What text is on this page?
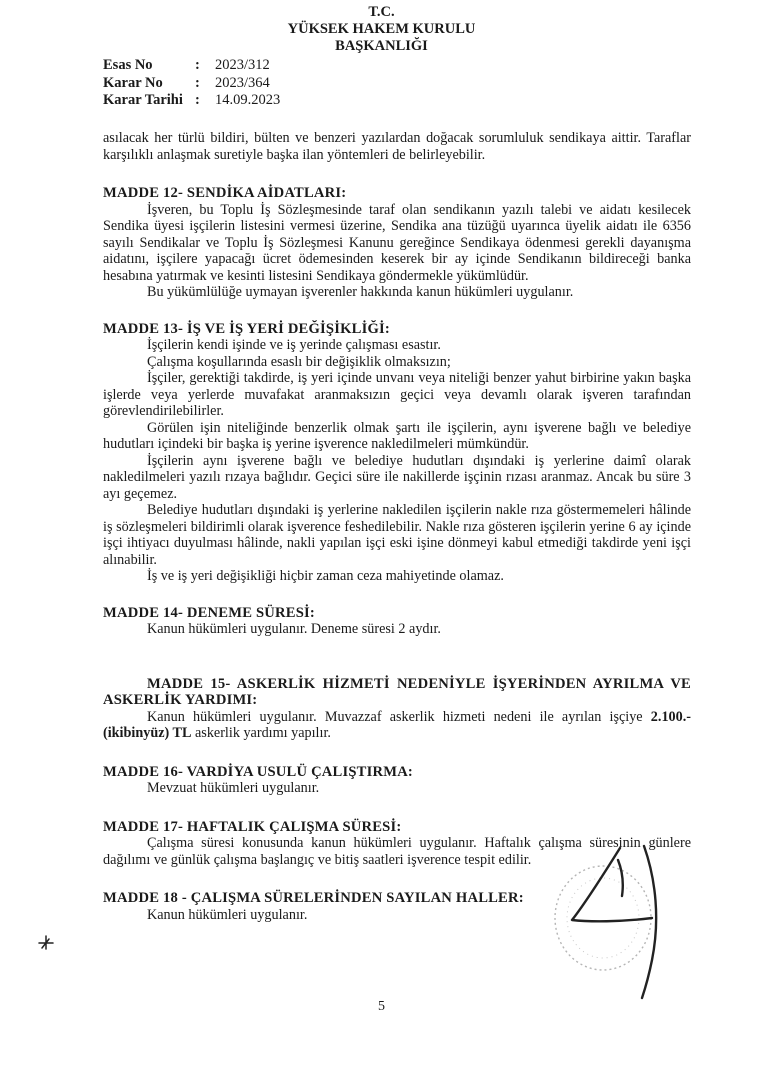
T.C.
YÜKSEK HAKEM KURULU
BAŞKANLIĞI
Esas No	:	2023/312
Karar No	:	2023/364
Karar Tarihi :	14.09.2023

asılacak her türlü bildiri, bülten ve benzeri yazılardan doğacak sorumluluk sendikaya aittir. Taraflar karşılıklı anlaşmak suretiyle başka ilan yöntemleri de belirleyebilir.

MADDE 12- SENDİKA AİDATLARI:

İşveren, bu Toplu İş Sözleşmesinde taraf olan sendikanın yazılı talebi ve aidatı kesilecek Sendika üyesi işçilerin listesini vermesi üzerine, Sendika ana tüzüğü uyarınca üyelik aidatı ile 6356 sayılı Sendikalar ve Toplu İş Sözleşmesi Kanunu gereğince Sendikaya ödenmesi gerekli dayanışma aidatını, işçilere yapacağı ücret ödemesinden keserek bir ay içinde Sendikanın bildireceği banka hesabına yatırmak ve kesinti listesini Sendikaya göndermekle yükümlüdür.

Bu yükümlülüğe uymayan işverenler hakkında kanun hükümleri uygulanır.

MADDE 13- İŞ VE İŞ YERİ DEĞİŞİKLİĞİ:

İşçilerin kendi işinde ve iş yerinde çalışması esastır.

Çalışma koşullarında esaslı bir değişiklik olmaksızın;

İşçiler, gerektiği takdirde, iş yeri içinde unvanı veya niteliği benzer yahut birbirine yakın başka işlerde veya yerlerde muvafakat aranmaksızın geçici veya devamlı olarak işveren tarafından görevlendirilebilirler.

Görülen işin niteliğinde benzerlik olmak şartı ile işçilerin, aynı işverene bağlı ve belediye hudutları içindeki bir başka iş yerine işverence nakledilmeleri mümkündür.

İşçilerin aynı işverene bağlı ve belediye hudutları dışındaki iş yerlerine daimî olarak nakledilmeleri yazılı rızaya bağlıdır. Geçici süre ile nakillerde işçinin rızası aranmaz. Ancak bu süre 3 ayı geçemez.

Belediye hudutları dışındaki iş yerlerine nakledilen işçilerin nakle rıza göstermemeleri hâlinde iş sözleşmeleri bildirimli olarak işverence feshedilebilir. Nakle rıza gösteren işçilerin yerine 6 ay içinde işçi ihtiyacı duyulması hâlinde, nakli yapılan işçi eski işine dönmeyi kabul etmediği takdirde yeni işçi alınabilir.

İş ve iş yeri değişikliği hiçbir zaman ceza mahiyetinde olamaz.

MADDE 14- DENEME SÜRESİ:

Kanun hükümleri uygulanır. Deneme süresi 2 aydır.

MADDE 15- ASKERLİK HİZMETİ NEDENİYLE İŞYERİNDEN AYRILMA VE ASKERLİK YARDIMI:

Kanun hükümleri uygulanır. Muvazzaf askerlik hizmeti nedeni ile ayrılan işçiye 2.100.-(ikibinyüz) TL askerlik yardımı yapılır.

MADDE 16- VARDİYA USULÜ ÇALIŞTIRMA:

Mevzuat hükümleri uygulanır.

MADDE 17- HAFTALIK ÇALIŞMA SÜRESİ:

Çalışma süresi konusunda kanun hükümleri uygulanır. Haftalık çalışma süresinin günlere dağılımı ve günlük çalışma başlangıç ve bitiş saatleri işverence tespit edilir.

MADDE 18 - ÇALIŞMA SÜRELERİNDEN SAYILAN HALLER:

Kanun hükümleri uygulanır.

5
